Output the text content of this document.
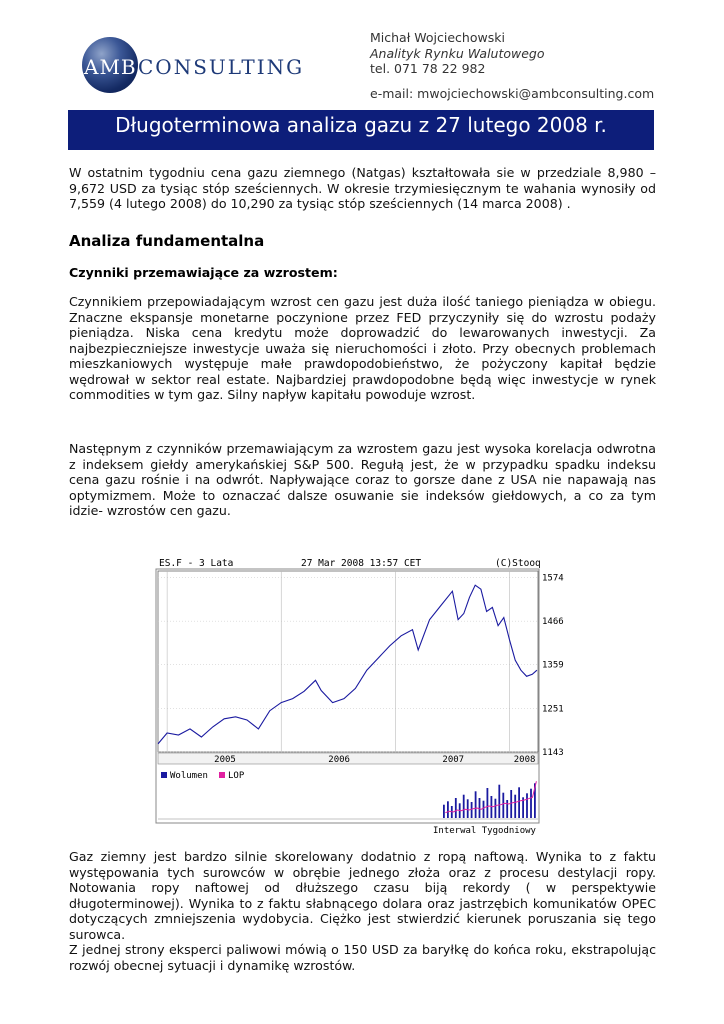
AMB CONSULTING
Michał Wojciechowski
Analityk Rynku Walutowego
tel. 071 78 22 982
e-mail: mwojciechowski@ambconsulting.com
Długoterminowa analiza gazu z 27 lutego 2008 r.
W ostatnim tygodniu cena gazu ziemnego (Natgas) kształtowała sie w przedziale 8,980 – 9,672 USD za tysiąc stóp sześciennych. W okresie trzymiesięcznym te wahania wynosiły od 7,559 (4 lutego 2008) do 10,290 za tysiąc stóp sześciennych (14 marca 2008) .
Analiza fundamentalna
Czynniki przemawiające za wzrostem:
Czynnikiem przepowiadającym wzrost cen gazu jest duża ilość taniego pieniądza w obiegu. Znaczne ekspansje monetarne poczynione przez FED przyczyniły się do wzrostu podaży pieniądza. Niska cena kredytu może doprowadzić do lewarowanych inwestycji. Za najbezpieczniejsze inwestycje uważa się nieruchomości i złoto. Przy obecnych problemach mieszkaniowych występuje małe prawdopodobieństwo, że pożyczony kapitał będzie wędrował w sektor real estate. Najbardziej prawdopodobne będą więc inwestycje w rynek commodities w tym gaz. Silny napływ kapitału powoduje wzrost.
Następnym z czynników przemawiającym za wzrostem gazu jest wysoka korelacja odwrotna z indeksem giełdy amerykańskiej S&P 500. Regułą jest, że w przypadku spadku indeksu cena gazu rośnie i na odwrót. Napływające coraz to gorsze dane z USA nie napawają nas optymizmem. Może to oznaczać dalsze osuwanie sie indeksów giełdowych, a co za tym idzie- wzrostów cen gazu.
ES.F - 3 Lata	27 Mar 2008 13:57 CET	(C)Stooq
1143
1251
1359
1466
1574
2005	2006	2007	2008
Wolumen LOP
Interwal Tygodniowy
Gaz ziemny jest bardzo silnie skorelowany dodatnio z ropą naftową. Wynika to z faktu występowania tych surowców w obrębie jednego złoża oraz z procesu destylacji ropy. Notowania ropy naftowej od dłuższego czasu biją rekordy ( w perspektywie długoterminowej). Wynika to z faktu słabnącego dolara oraz jastrzębich komunikatów OPEC dotyczących zmniejszenia wydobycia. Ciężko jest stwierdzić kierunek poruszania się tego surowca.
Z jednej strony eksperci paliwowi mówią o 150 USD za baryłkę do końca roku, ekstrapolując rozwój obecnej sytuacji i dynamikę wzrostów.
